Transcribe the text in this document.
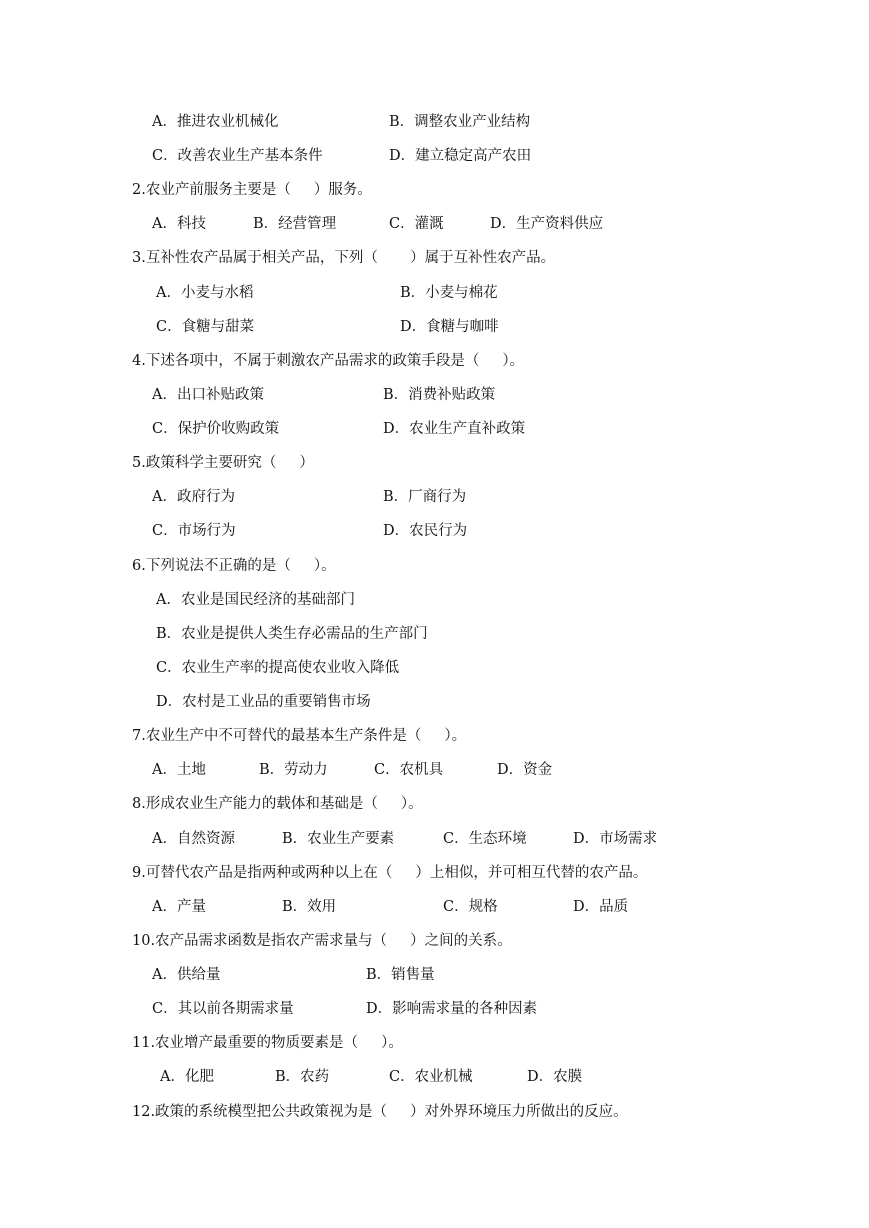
A．推进农业机械化	B．调整农业产业结构
C．改善农业生产基本条件	D．建立稳定高产农田
2.农业产前服务主要是（     ）服务。
A．科技	B．经营管理	C．灌溉	D．生产资料供应
3.互补性农产品属于相关产品，下列（       ）属于互补性农产品。
A．小麦与水稻	B．小麦与棉花
C．食糖与甜菜	D．食糖与咖啡
4.下述各项中，不属于刺激农产品需求的政策手段是（     ）。
A．出口补贴政策	B．消费补贴政策
C．保护价收购政策	D．农业生产直补政策
5.政策科学主要研究（     ）
A．政府行为	B．厂商行为
C．市场行为	D．农民行为
6.下列说法不正确的是（     ）。
A．农业是国民经济的基础部门
B．农业是提供人类生存必需品的生产部门
C．农业生产率的提高使农业收入降低
D．农村是工业品的重要销售市场
7.农业生产中不可替代的最基本生产条件是（     ）。
A．土地	B．劳动力	C．农机具	D．资金
8.形成农业生产能力的载体和基础是（     ）。
A．自然资源	B．农业生产要素	C．生态环境	D．市场需求
9.可替代农产品是指两种或两种以上在（     ）上相似，并可相互代替的农产品。
A．产量	B．效用	C．规格	D．品质
10.农产品需求函数是指农产需求量与（     ）之间的关系。
A．供给量	B．销售量
C．其以前各期需求量	D．影响需求量的各种因素
11.农业增产最重要的物质要素是（     ）。
A．化肥	B．农药	C．农业机械	D．农膜
12.政策的系统模型把公共政策视为是（     ）对外界环境压力所做出的反应。
